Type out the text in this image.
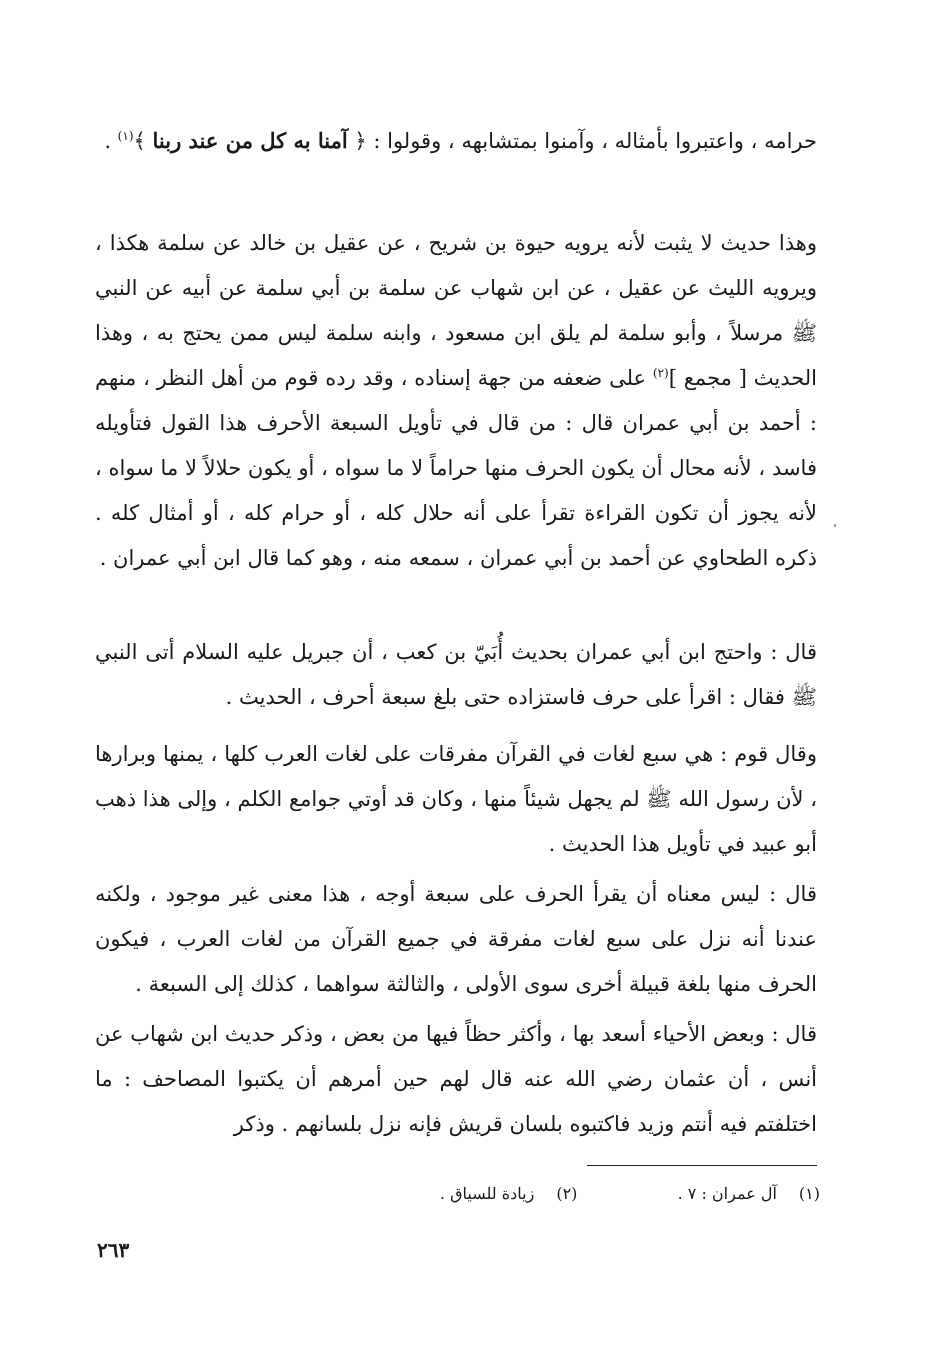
حرامه ، واعتبروا بأمثاله ، وآمنوا بمتشابهه ، وقولوا : ﴿ آمنا به كل من عند ربنا ﴾$^{(١)}$ .

وهذا حديث لا يثبت لأنه يرويه حيوة بن شريح ، عن عقيل بن خالد عن سلمة هكذا ، ويرويه الليث عن عقيل ، عن ابن شهاب عن سلمة بن أبي سلمة عن أبيه عن النبي ﷺ مرسلاً ، وأبو سلمة لم يلق ابن مسعود ، وابنه سلمة ليس ممن يحتج به ، وهذا الحديث [ مجمع ]$^{(٢)}$ على ضعفه من جهة إسناده ، وقد رده قوم من أهل النظر ، منهم : أحمد بن أبي عمران قال : من قال في تأويل السبعة الأحرف هذا القول فتأويله فاسد ، لأنه محال أن يكون الحرف منها حراماً لا ما سواه ، أو يكون حلالاً لا ما سواه ، لأنه يجوز أن تكون القراءة تقرأ على أنه حلال كله ، أو حرام كله ، أو أمثال كله . ذكره الطحاوي عن أحمد بن أبي عمران ، سمعه منه ، وهو كما قال ابن أبي عمران .

قال : واحتج ابن أبي عمران بحديث أُبَيّ بن كعب ، أن جبريل عليه السلام أتى النبي ﷺ فقال : اقرأ على حرف فاستزاده حتى بلغ سبعة أحرف ، الحديث .

وقال قوم : هي سبع لغات في القرآن مفرقات على لغات العرب كلها ، يمنها وبرارها ، لأن رسول الله ﷺ لم يجهل شيئاً منها ، وكان قد أوتي جوامع الكلم ، وإلى هذا ذهب أبو عبيد في تأويل هذا الحديث .

قال : ليس معناه أن يقرأ الحرف على سبعة أوجه ، هذا معنى غير موجود ، ولكنه عندنا أنه نزل على سبع لغات مفرقة في جميع القرآن من لغات العرب ، فيكون الحرف منها بلغة قبيلة أخرى سوى الأولى ، والثالثة سواهما ، كذلك إلى السبعة .

قال : وبعض الأحياء أسعد بها ، وأكثر حظاً فيها من بعض ، وذكر حديث ابن شهاب عن أنس ، أن عثمان رضي الله عنه قال لهم حين أمرهم أن يكتبوا المصاحف : ما اختلفتم فيه أنتم وزيد فاكتبوه بلسان قريش فإنه نزل بلسانهم . وذكر

(١)آل عمران : ٧ .  (٢)زيادة للسياق .
٢٦٣
